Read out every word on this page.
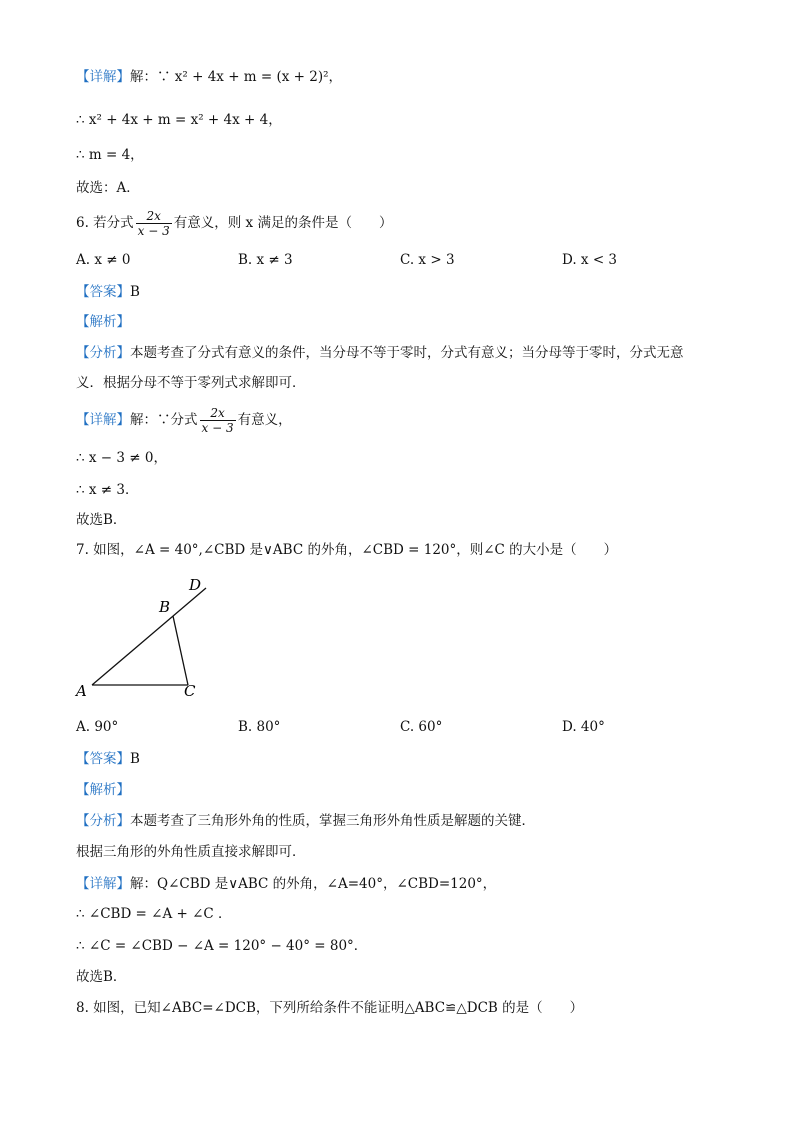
【详解】解：∵ x² + 4x + m = (x + 2)²，
∴ x² + 4x + m = x² + 4x + 4，
∴ m = 4，
故选：A．
6. 若分式 $\frac{2x}{x - 3}$ 有意义，则 x 满足的条件是（　　）
A. x ≠ 0	B. x ≠ 3	C. x > 3	D. x < 3
【答案】B
【解析】
【分析】本题考查了分式有意义的条件，当分母不等于零时，分式有意义；当分母等于零时，分式无意
义．根据分母不等于零列式求解即可．
【详解】解：∵分式 $\frac{2x}{x - 3}$ 有意义，
∴ x − 3 ≠ 0，
∴ x ≠ 3．
故选B．
7. 如图，∠A = 40°,∠CBD 是∨ABC 的外角，∠CBD = 120°，则∠C 的大小是（　　）
A
B
C
D
A. 90°	B. 80°	C. 60°	D. 40°
【答案】B
【解析】
【分析】本题考查了三角形外角的性质，掌握三角形外角性质是解题的关键．
根据三角形的外角性质直接求解即可．
【详解】解：Q∠CBD 是∨ABC 的外角，∠A=40°，∠CBD=120°，
∴ ∠CBD = ∠A + ∠C ．
∴ ∠C = ∠CBD − ∠A = 120° − 40° = 80°．
故选B．
8. 如图，已知∠ABC=∠DCB，下列所给条件不能证明△ABC≌△DCB 的是（　　）
